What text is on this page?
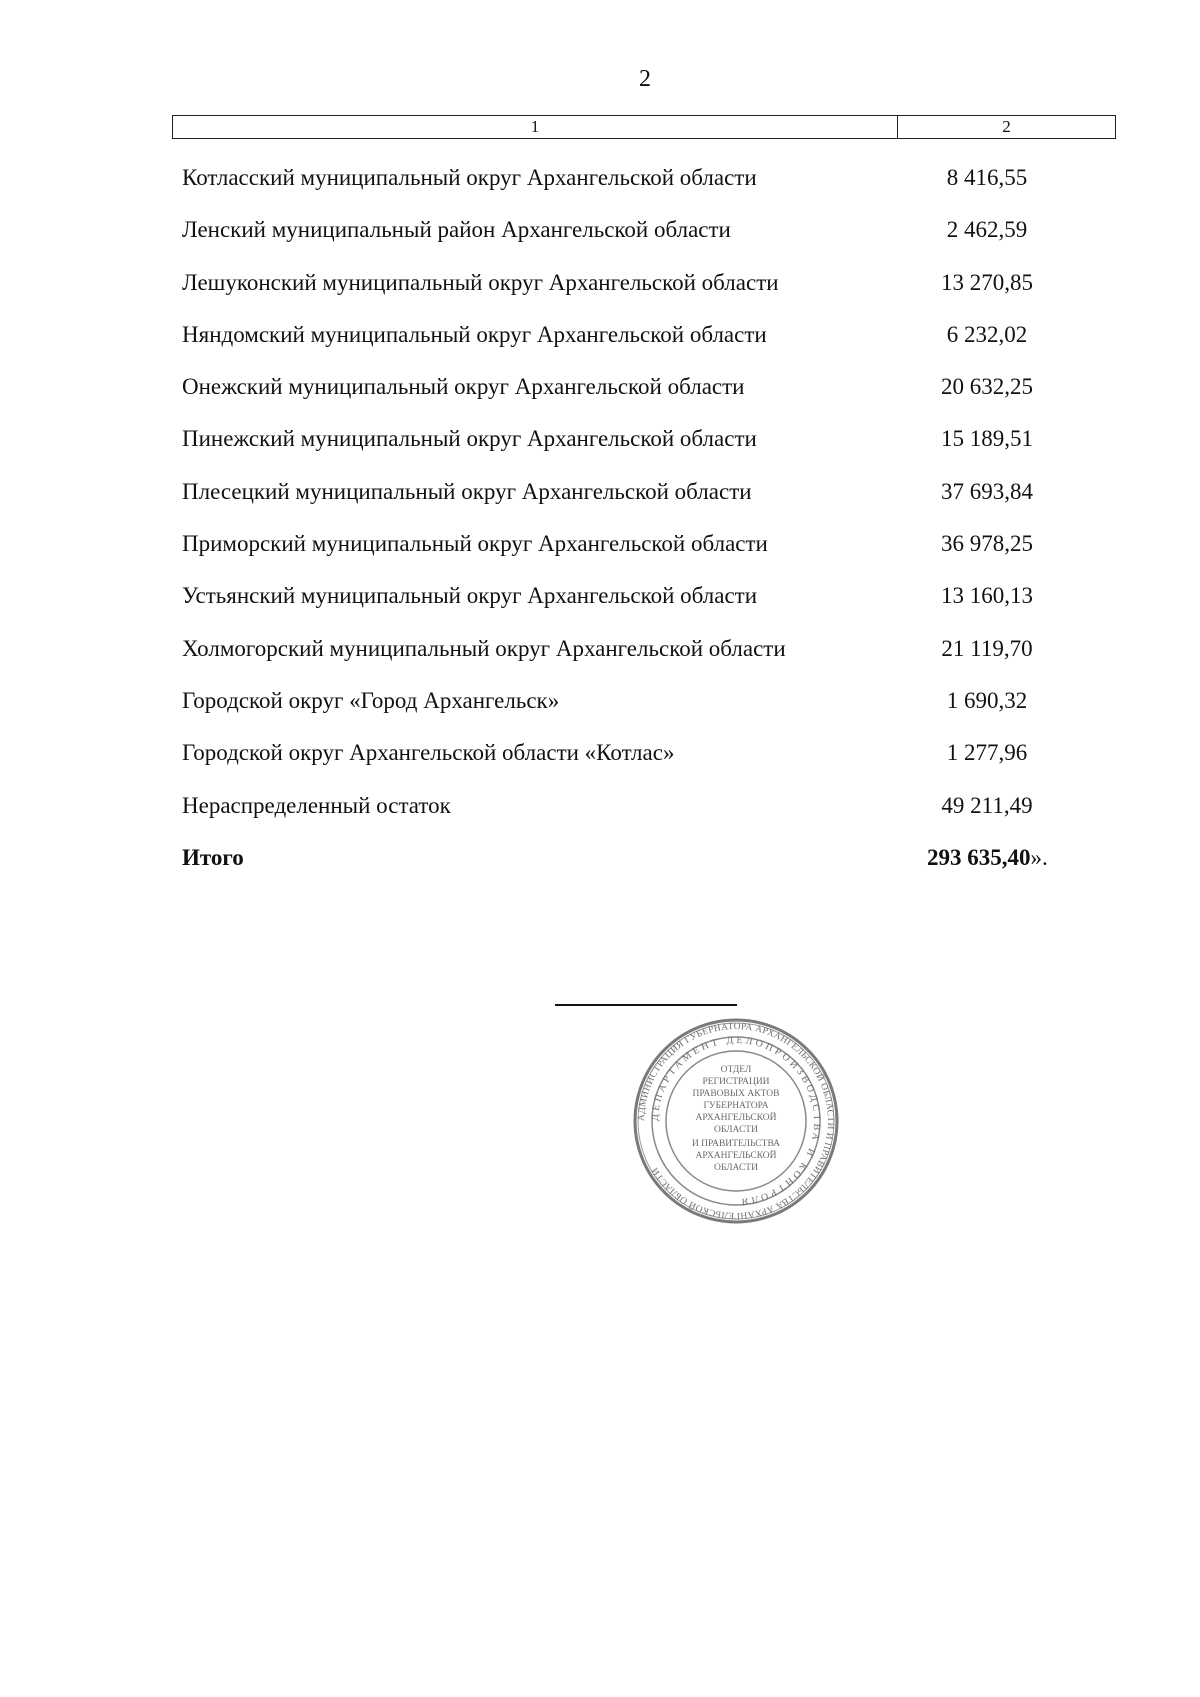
2
1	2
Котласский муниципальный округ Архангельской области	8 416,55
Ленский муниципальный район Архангельской области	2 462,59
Лешуконский муниципальный округ Архангельской области	13 270,85
Няндомский муниципальный округ Архангельской области	6 232,02
Онежский муниципальный округ Архангельской области	20 632,25
Пинежский муниципальный округ Архангельской области	15 189,51
Плесецкий муниципальный округ Архангельской области	37 693,84
Приморский муниципальный округ Архангельской области	36 978,25
Устьянский муниципальный округ Архангельской области	13 160,13
Холмогорский муниципальный округ Архангельской области	21 119,70
Городской округ «Город Архангельск»	1 690,32
Городской округ Архангельской области «Котлас»	1 277,96
Нераспределенный остаток	49 211,49
Итого	293 635,40».
АДМИНИСТРАЦИЯ ГУБЕРНАТОРА АРХАНГЕЛЬСКОЙ ОБЛАСТИ И ПРАВИТЕЛЬСТВА АРХАНГЕЛЬСКОЙ ОБЛАСТИ
ДЕПАРТАМЕНТ ДЕЛОПРОИЗВОДСТВА И КОНТРОЛЯ
ОТДЕЛ
РЕГИСТРАЦИИ
ПРАВОВЫХ АКТОВ
ГУБЕРНАТОРА
АРХАНГЕЛЬСКОЙ
ОБЛАСТИ
И ПРАВИТЕЛЬСТВА
АРХАНГЕЛЬСКОЙ
ОБЛАСТИ
